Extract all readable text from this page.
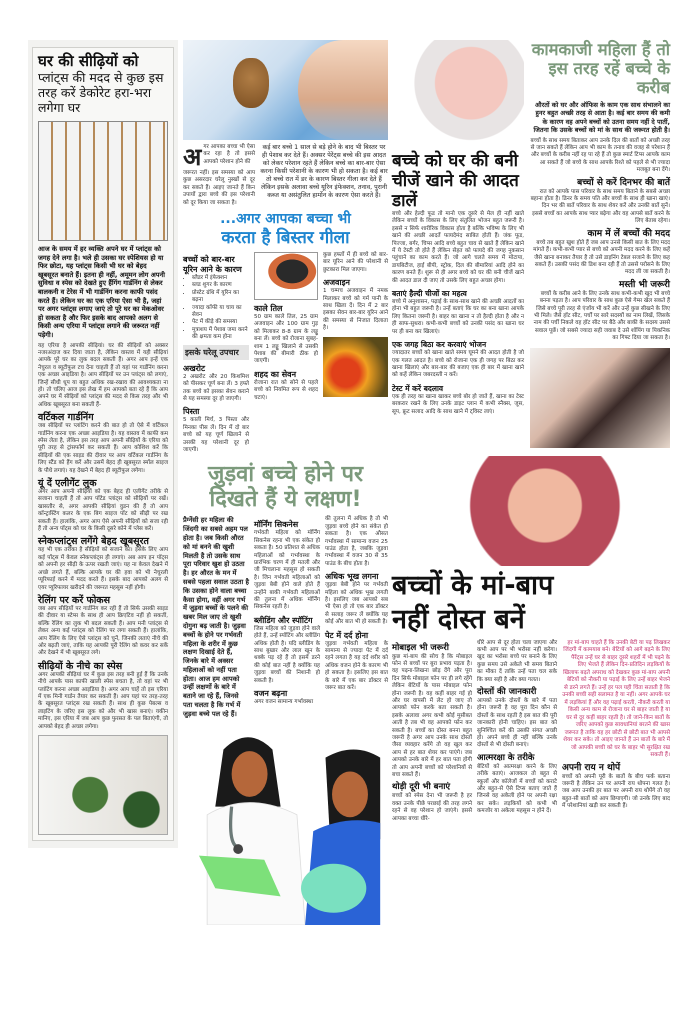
घर की सीढ़ियों को
प्लांट्स की मदद से कुछ इस तरह करें डेकोरेट हरा-भरा लगेगा घर
आज के समय में हर व्यक्ति अपने घर में प्लांट्स को जगह देने लगा है। भले ही उसका घर स्पेशियस हो या फिर छोटा, यह प्लांट्स किसी भी घर को बेहद खूबसूरत बनाते हैं। इतना ही नहीं, अमूमन लोग अपनी सुविधा व स्पेस को देखते हुए हैंगिंग गार्डनिंग से लेकर बालकनी व टेरेस में भी गार्डनिंग करना काफी पसंद करते हैं। लेकिन घर का एक एरिया ऐसा भी है, जहां पर अगर प्लांट्स लगाए जाएं तो पूरे घर का मेकओवर हो सकता है और फिर इसके बाद आपको अलग से किसी अन्य एरिया में प्लांट्स लगाने की जरूरत नहीं पड़ेगी।
यह एरिया है आपकी सीढ़ियां। घर की सीढ़ियों को अक्सर नजरअंदाज कर दिया जाता है, लेकिन वास्तव में यही सीढ़ियां आपके पूरे घर का लुक बदल सकती हैं। अगर आप इन्हें एक नेचुरल व ब्यूटीफुल टच देना चाहती हैं तो यहां पर गार्डनिंग करना एक अच्छा आइडिया है। आप सीढ़ियों पर उन प्लांट्स को लगाएं, जिन्हें सीधी धूप या बहुत अधिक रख-रखाव की आवश्यकता ना हो। तो चलिए आज इस लेख में हम आपको बता रहे हैं कि आप अपने घर में सीढ़ियों को प्लांट्स की मदद से किस तरह और भी अधिक खूबसूरत बना सकती हैं-
वर्टिकल गार्डनिंग
जब सीढ़ियों पर प्लांटिंग करने की बात हो तो ऐसे में वर्टिकल गार्डनिंग करना एक अच्छा आइडिया है। यह वास्तव में काफी कम स्पेस लेता है, लेकिन इस तरह आप अपनी सीढ़ियों के एरिया को पूरी तरह से ट्रांसफॉर्म कर सकती हैं। आप कोशिश करें कि सीढ़ियों की एक साइड की दीवार पर आप वर्टिकल गार्डनिंग के लिए स्टैंड को हैंग करें और उसमें बेहद ही खूबसूरत स्मॉल साइज के पौधे लगाएं। यह देखने में बेहद ही ब्यूटीफुल लगेगा।
यूं दें एलीगेंट लुक
अगर आप अपनी सीढ़ियों को एक बेहद ही एलीगेंट तरीके से सजाना चाहती हैं तो आप पॉटेड प्लांट्स को सीढ़ियों पर रखें। खासतौर से, अगर आपकी सीढ़ियां वुडन की हैं तो आप कॉन्ट्रास्टिंग कलर के एक बिग साइज पॉट को सीढ़ी पर रख सकती हैं। हालांकि, अगर आप ऐसे अपनी सीढ़ियों को सजा रही हैं तो अन्य पॉट्स को घर के किसी दूसरे कोने में प्लेस करें।
स्नेकप्लांट्स लगेंगे बेहद खूबसूरत
यह भी एक तरीका है सीढ़ियों को सजाने का। इसके लिए आप कई पॉट्स में केवल स्नेकप्लांट्स ही लगाएं। अब आप इन पॉट्स को अपनी हर सीढ़ी के ऊपर रखती जाएं। यह ना केवल देखने में अच्छे लगते हैं, बल्कि आपके घर की हवा को भी नेचुरली प्यूरिफाई करने में मदद करते हैं। इसके बाद आपको अलग से एयर प्यूरिफायर खरीदने की जरूरत महसूस नहीं होगी।
रेलिंग पर करें फोकस
जब आप सीढ़ियों पर गार्डनिंग कर रही हैं तो सिर्फ उसकी साइड की दीवार या स्टेप्स के साथ ही आप क्रिएटिव नहीं हो सकतीं, बल्कि रेलिंग का लुक भी बदल सकती हैं। आप मनी प्लांट्स से लेकर अन्य कई प्लांट्स को रेलिंग पर लगा सकती हैं। हालांकि, आप रेलिंग के लिए ऐसे प्लांट्स को चुनें, जिनकी लताएं नीचे की ओर बढ़ती जाएं, ताकि यह आपकी पूरी रेलिंग को कवर कर सकें और देखने में भी खूबसूरत लगे।
सीढ़ियों के नीचे का स्पेस
अगर आपकी सीढ़ियां घर में कुछ इस तरह बनी हुई हैं कि उनके नीचे आपके पास काफी खाली स्पेस बचता है, तो वहां पर भी प्लांटिंग करना अच्छा आइडिया है। अगर आप चाहें तो इस एरिया में एक मिनी गार्डन तैयार कर सकती हैं। आप यहां पर तरह-तरह के खूबसूरत प्लांट्स रख सकती हैं। साथ ही कुछ पेबल्स व लाइटिंग के जरिए इस लुक को और भी खास बनाएं। यकीन मानिए, इस एरिया में जब आप कुछ फुरसत के पल बिताएंगी, तो आपको बेहद ही अच्छा लगेगा।
अ गर आपका बच्चा भी ऐसा कर रहा है तो इससे आपको परेशान होने की
जरूरत नहीं। इस समस्या को आप कुछ असरदार घरेलू नुस्खों से दूर कर सकते हैं। आइए जानते हैं किन उपायों द्वारा बच्चे की इस परेशानी को दूर किया जा सकता है।
कई बार बच्चे 1 साल से बड़े होने के बाद भी बिस्तर पर ही पेशाब कर देते हैं। अक्सर पेरेंट्स बच्चे की इस आदत को लेकर परेशान रहते हैं लेकिन बच्चे का बार-बार ऐसा करना किसी परेशानी के कारण भी हो सकता है। कई बार तो बच्चे रात में डर के कारण बिस्तर गीला कर देते हैं लेकिन इसके अलावा बच्चे यूरिन इंफेक्शन, तनाव, पुरानी कब्ज या असंतुलित हार्मोन के कारण ऐसा करते हैं।
...अगर आपका बच्चा भी
करता है बिस्तर गीला
बच्चों को बार-बार यूरिन आने के कारण
• ब्लैडर में इंफेक्शन
• ब्लड शुगर के कारण
• प्रोस्टेट ग्रंथि में यूरिन का बढ़ना
• ज्यादा कॉफी या चाय का सेवन
• पेट में कीड़े की समस्या
• मूत्राशय में पेशाब जमा करने की क्षमता कम होना
इसके घरेलू उपचार
अखरोट
2 अखरोट और 20 किशमिश को पीसकर चूर्ण बना लें। 3 हफ्ते तक बच्चे को इसका सेवन कराने से यह समस्या दूर हो जाएगी।
पिस्ता
5 काली मिर्च, 3 पिस्ता और मिनका पीस लें। दिन में दो बार बच्चे को यह चूर्ण खिलाने से उसकी यह परेशानी दूर हो जाएगी।
काले तिल
50 ग्राम काले तिल, 25 ग्राम अजवाइन और 100 ग्राम गुड़ को मिलाकर 8-8 ग्राम के लड्डू बना लें। बच्चे को रोजाना सुबह-शाम 1 लड्डू खिलाने से उसकी पेशाब की बीमारी ठीक हो जाएगी।
शहद का सेवन
रोजाना रात को सोने से पहले बच्चे को नियमित रूप से शहद चटाएं।
कुछ हफ्तों में ही बच्चे को बार-बार यूरिन आने की परेशानी से छुटकारा मिल जाएगा।
अजवाइन
1 चम्मच अजवाइन में नमक मिलाकर बच्चे को गर्म पानी के साथ खिला दें। दिन में 2 बार इसका सेवन बार-बार यूरिन आने की समस्या से निजात दिलाता है।
जुड़वां बच्चे होने पर
दिखते हैं ये लक्षण!
प्रैग्नेंसी हर महिला की जिंदगी का सबसे अहम पल होता है। जब किसी औरत को मां बनने की खुशी मिलती है तो उसके साथ पूरा परिवार खुश हो उठता है। हर औरत के मन में सबसे पहला सवाल उठता है कि उसका होने वाला बच्चा कैसा होगा, वहीं अगर गर्भ में जुड़वा बच्चों के पलने की खबर मिल जाए तो खुशी दोगुना बढ़ जाती है। जुड़वा बच्चों के होने पर गर्भवती महिला के शरीर में कुछ लक्षण दिखाई देते हैं, जिनके बारे में अक्सर महिलाओं को नहीं पता होता। आज हम आपको उन्हीं लक्षणों के बारे में बताने जा रहे हैं, जिनसे पता चलता है कि गर्भ में जुड़वा बच्चे पल रहे हैं।
मॉर्निंग सिकनेस
गर्भवती महिला को मॉर्निंग सिकनेस रहना भी एक संकेत हो सकता है। 50 प्रतिशत से अधिक महिलाओं को गर्भावस्था के प्रारंभिक चरण में ही मतली और जी मिचलाना महसूस हो सकती है। जिन गर्भवती महिलाओं को जुड़वा बेबी होने वाले होते हैं उन्होंने बाकी गर्भवती महिलाओं की तुलना में अधिक मॉर्निंग सिकनेस रहती है।
ब्लीडिंग और स्पॉटिंग
जिस महिला को जुड़वा होने वाले होते हैं, उन्हें स्पॉटिंग और ब्लीडिंग अधिक होती है। यदि ब्लीडिंग के साथ बुखार और लाल खून के थक्के पड़ रहे हैं तो इसमें डरने की कोई बात नहीं है क्योंकि यह जुड़वा बच्चों की निशानी हो सकती है।
वजन बढ़ना
अगर वजन सामान्य गर्भावस्था
की तुलना में अधिक है तो भी जुड़वा बच्चे होने का संकेत हो सकता है। एक औसत गर्भावस्था में सामान्य वजन 25 पाउंड होता है, जबकि जुड़वा गर्भावस्था में वजन 30 से 35 पाउंड के बीच होता है।
अधिक भूख लगना
जुड़वा बेबी होने पर गर्भवती महिला को अधिक भूख लगती है। इसलिए जब आपको सब भी ऐसा हो तो एक बार डॉक्टर से सलाह जरूर लें क्योंकि यह कोई और बात भी हो सकती है।
पेट में दर्द होना
जुड़वा गर्भवती महिला के सामान्य से ज्यादा पेट में दर्द रहने लगता है यह दर्द शरीर को अधिक वजन होने के कारण भी हो सकता है। इसलिए इस बात के बारे में एक बार डॉक्टर से जरूर बात करें।
बच्चे को घर की बनी चीजें खाने की आदत डालें
बच्चे और हेल्दी फूड तो मानो एक दूसरे से मेल ही नहीं खाते लेकिन बच्चों के विकास के लिए संतुलित भोजन बहुत जरूरी है। इससे न सिर्फ शारीरिक विकास होता है बल्कि भविष्य के लिए भी खाने की अच्छी आदतें फायदेमंद साबित होती हैं। जंक फूड, पिज्जा, बर्गर, चिप्स आदि बच्चे बहुत चाव से खाते हैं लेकिन खाने में ये टेस्टी तो होते हैं लेकिन सेहत को फायदे की जगह नुकसान पहुंचाने का काम करते हैं। जो आगे चलते समय में मोटापा, डायबिटीज, हाई बीपी, स्ट्रोक, दिल की बीमारियां आदि होने का कारण बनते हैं। शुरू से ही अगर बच्चे को घर की बनी चीजें खाने की आदत डाल दी जाए तो उसके लिए बहुत अच्छा होगा।
बताएं हैल्दी चीजों का महत्व
बच्चे में अनुशासन, पढ़ाई के साथ-साथ खाने की अच्छी आदतों का होना भी बहुत जरूरी है। उन्हें बताएं कि घर का बना खाना आपके लिए कितना जरूरी है। बाहर का खाना न तो हैल्दी होता है और न ही साफ-सुथरा। कभी-कभी बच्चों को उनकी पसंद का खाना घर पर ही बना कर खिलाएं।
एक जगह बिठा कर करवाएं भोजन
ज्यादातर बच्चों को खाना खाते समय घूमने की आदत होती है जो एक गलत आदत है। बच्चे को रोजाना एक ही जगह पर बिठा कर खाना खिलाएं और बार-बार की बजाए एक ही बार में खाना खाने को कहें लेकिन जबरदस्ती न करें।
टेस्ट में करें बदलाव
एक ही तरह का खाना खाकर बच्चे बोर हो जाते हैं, खाना का टेस्ट बरकरार रखने के लिए उनके डाइट प्लान में कभी स्नैक्स, जूस, सूप, फ्रूट सलाद आदि के साथ खाने में ट्विस्ट लाएं।
कामकाजी महिला हैं तो इस तरह रहें बच्चे के करीब
औरतों को घर और ऑफिस के काम एक साथ संभालने का हुनर बहुत अच्छी तरह से आता है। कई बार समय की कमी के कारण वह अपने बच्चों को उतना समय नहीं दे पातीं, जितना कि उसके बच्चों को मां के साथ की जरूरत होती है।
बच्चों के साथ समय बिताकर आप उनके दिल की बातों को अच्छी तरह से जान सकते हैं लेकिन आप भी काम के तनाव की वजह से परेशान हैं और बच्चों के करीब नहीं रह पा रहे हैं तो कुछ स्मार्ट टिप्स आपके काम आ सकते हैं जो बच्चे के साथ आपके रिश्ते को पहले से भी ज्यादा मजबूत बना देंगे।
बच्चों से करें दिनभर की बातें
रात को आपके पास परिवार के साथ समय बिताने के सबसे अच्छा बहाना होता है। डिनर के समय पति और बच्चों के साथ ही खाना खाएं। दिन भर की बातें परिवार के साथ शेयर करें और उनकी बातें सुनें। इससे बच्चों का आपके साथ प्यार बढ़ेगा और वह आपसे बातें करने के लिए बेताब रहेगा।
काम में लें बच्चों की मदद
बच्चे तब बहुत खुश होते हैं जब आप उनसे किसी बात के लिए मदद मांगते हैं। कभी-कभी प्यार से बच्चे को अपनी मदद करने के लिए कहें जैसे खाना बनाकर तैयार है तो उसे डाइनिंग टेबल सजाने के लिए कह सकते हैं। उसकी पसंद की डिश बना रही हैं तो उससे परोसने के लिए मदद ली जा सकती है।
मस्ती भी जरूरी
बच्चों के करीब आने के लिए उनके साथ कभी-कभी खुद भी बच्चे बनना पड़ता है। आप परिवार के साथ कुछ ऐसे गेम्स खेल सकते हैं जिसे बच्चे पूरी तरह से एंजॉय भी करें और उन्हें कुछ सीखने के लिए भी मिले। जैसे हॉट सीट, पर्चों पर सारे सदस्यों का नाम लिखें, जिसके नाम की पर्ची निकले वह हॉट सीट पर बैठे और बाकी के सदस्य उससे सवाल पूछें। जो सबसे ज्यादा सही जवाब दे उसे शॉपिंग या पिकनिक का गिफ्ट दिया जा सकता है।
बच्चों के मां-बाप
नहीं दोस्त बनें
मोबाइल भी जरूरी
कुछ मां-बाप की सोच है कि मोबाइल फोन से बच्चों पर बुरा प्रभाव पड़ता है। वह पढ़ना-लिखना छोड़ देंगे और पूरा दिन सिर्फ मोबाइल फोन पर ही लगे रहेंगे लेकिन बेटियों के पास मोबाइल फोन होना जरूरी है। वह कहीं बाहर गई हो और घर वापसी में लेट हो जाए तो आपको फोन करके बता सकती है। इसके अलावा अगर कभी कोई मुसीबत आती है तब भी वह आपको फोन कर सकती है। बच्चों का दोस्त बनना बहुत जरूरी है अगर आप उनके साथ दोस्तों जैसा व्यवहार करेंगे तो वह खुल कर आप से हर बात शेयर कर पाएंगे। जब आपको उनके बारे में हर बात पता होगी तो आप अपनी बच्चों को परेशानियों से बचा सकते हैं।
थोड़ी दूरी भी बनाएं
बच्चों को स्पेस देना भी जरूरी है हर वक्त उनके पीछे परछाई की तरह लगने रहने से वह परेशान हो जाएंगे। इससे आपका बच्चा धीरे-
धीरे आप से दूर होता चला जाएगा और कभी आप पर भी भरोसा नहीं करेगा। खुद का भरोसा बच्चे पर बनाने के लिए कुछ समय उसे अकेले भी समय बिताने का मौका दें ताकि उन्हें पता चल सके कि क्या सही है और क्या गलत।
दोस्तों की जानकारी
आपको उनके दोस्तों के बारे में पता होना जरूरी है वह पूरा दिन कौन से दोस्तों के साथ रहती है इस बात की पूरी जानकारी होनी चाहिए। इस बात को सुनिश्चित करें की उसकी संगत अच्छी हो। अपने बच्चे ही नहीं बल्कि उनके दोस्तों से भी दोस्ती बनाएं।
आत्मरक्षा के तरीके
बेटियों को आत्मरक्षा करने के लिए तरीके बताएं। आजकल तो बहुत से स्कूलों और कॉलेजों में बच्चों को कराटे और बहुत-से ऐसे टिप्स बताए जाते हैं जिनसे वह अकेली होने पर अपनी रक्षा कर सके। लड़कियों को कभी भी कमजोर या अकेला महसूस न होने दें।
हर मां-बाप चाहते हैं कि उनकी बेटी या पढ़ लिखकर जिंदगी में कामयाब बने। बेटियों को आगे बढ़ने के लिए पैरेंट्स उन्हें घर से बाहर दूसरे शहरों में भी पढ़ने के लिए भेजते हैं लेकिन दिन-प्रतिदिन लड़कियों के खिलाफ बढ़ते अपराध को देखकर कुछ मां-बाप अपनी बेटियों को नौकरी या पढ़ाई के लिए उन्हें बाहर भेजने से डरने लगते हैं। उन्हें हर पल यही चिंता सताती है कि उनकी बच्ची सही सलामत है या नहीं। अगर आपके घर में लड़कियां हैं और वह पढ़ाई करती, नौकरी करती या किसी अन्य काम से रोजाना घर से बाहर जाती है या घर से दूर कहीं बाहर रहती है। तो जाने-किन बातों के जरिए आपको कुछ सावधानियां बरतने की खास जरूरत है ताकि वह हर छोटी से छोटी बात भी आपसे शेयर कर सके। तो आइए जानते हैं उन बातों के बारे में जो आपकी बच्ची को घर के बाहर भी सुरक्षित रख सकती हैं।
अपनी राय न थोपें
बच्चों को अपनी पूरी के बातों के बीच फर्क बताना जरूरी है लेकिन उन पर अपनी राय थोपना गलत है। जब आप उनकी हर बात पर अपनी राय थोपेंगे तो वह बहुत-सी बातों को आप छिपाएगी। जो उनके लिए बाद में परेशानियां खड़ी कर सकती हैं।
